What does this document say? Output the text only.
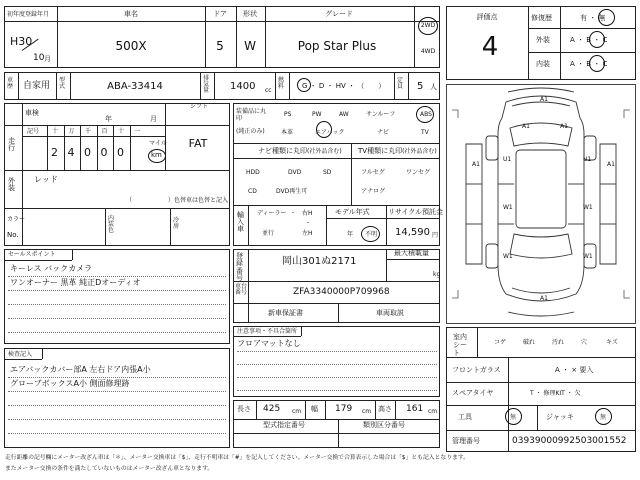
初年度登録年月
H30
10 月
車名
500X
ドア
5
形状
W
グレード
Pop Star Plus
2WD
4WD
車歴 自家用
型式	ABA-33414
排気量 1400 cc
燃料	G ・ D ・ HV ・ （　　）
定員 5 人
車検
年	月
走行
記号 十
2
万
4
千
0
百
0
十
0
一
マイル
km
シフト
FAT
外装
レッド
（　　　　　　）色替車は色替と記入
カラー
No.
内装色
冷房
装備品に丸印
(純正のみ)
PS	PW	AW	サンルーフ	ABS
本革	エアバック	ナビ	TV
ナビ種類に丸印(社外品含む)
HDD	DVD	SD
CD	DVD再生可
TV種類に丸印(社外品含む)
フルセグ	ワンセグ
アナログ
輸入車
ディーラー ・
並行
右H
・
左H
モデル年式
年 不明
リサイクル預託金
14,590 円
セールスポイント
キーレス バックカメラ
ワンオーナー 黒革 純正Dオーディオ
登録番号
岡山301ぬ2171
最大積載量
kg
車台番号	ZFA3340000P709968
新車保証書	車両取説
注意事項・不具合箇所
フロアマットなし
検査記入
エアバックカバー部A 左右ドア内張A小
グローブボックスA小 側面修理跡
長さ 425 cm 幅 179 cm 高さ 161 cm
型式指定番号	類別区分番号
評価点
4
修復歴	有 ・ 無
外装	A ・ B ・ C
内装	A ・ B ・ C
A1
A1	A1
U1	U1
A1	A1
W1	W1
W1	W1
A1
室内シート
コゲ	破れ	汚れ	穴	キズ
フロントガラス	A ・ × 要入
スペアタイヤ	T ・ 修理KIT ・ 欠
工具	無	ジャッキ	無
管理番号	03939000992503001552
走行距離の記号欄にメーター改ざん車は「＊」、メーター交換車は「$」、走行不明車は「#」を記入してください。メーター交換で合算表示した場合は「$」とも記入となります。
またメーター交換の条件を満たしていないものはメーター改ざん車となります。
